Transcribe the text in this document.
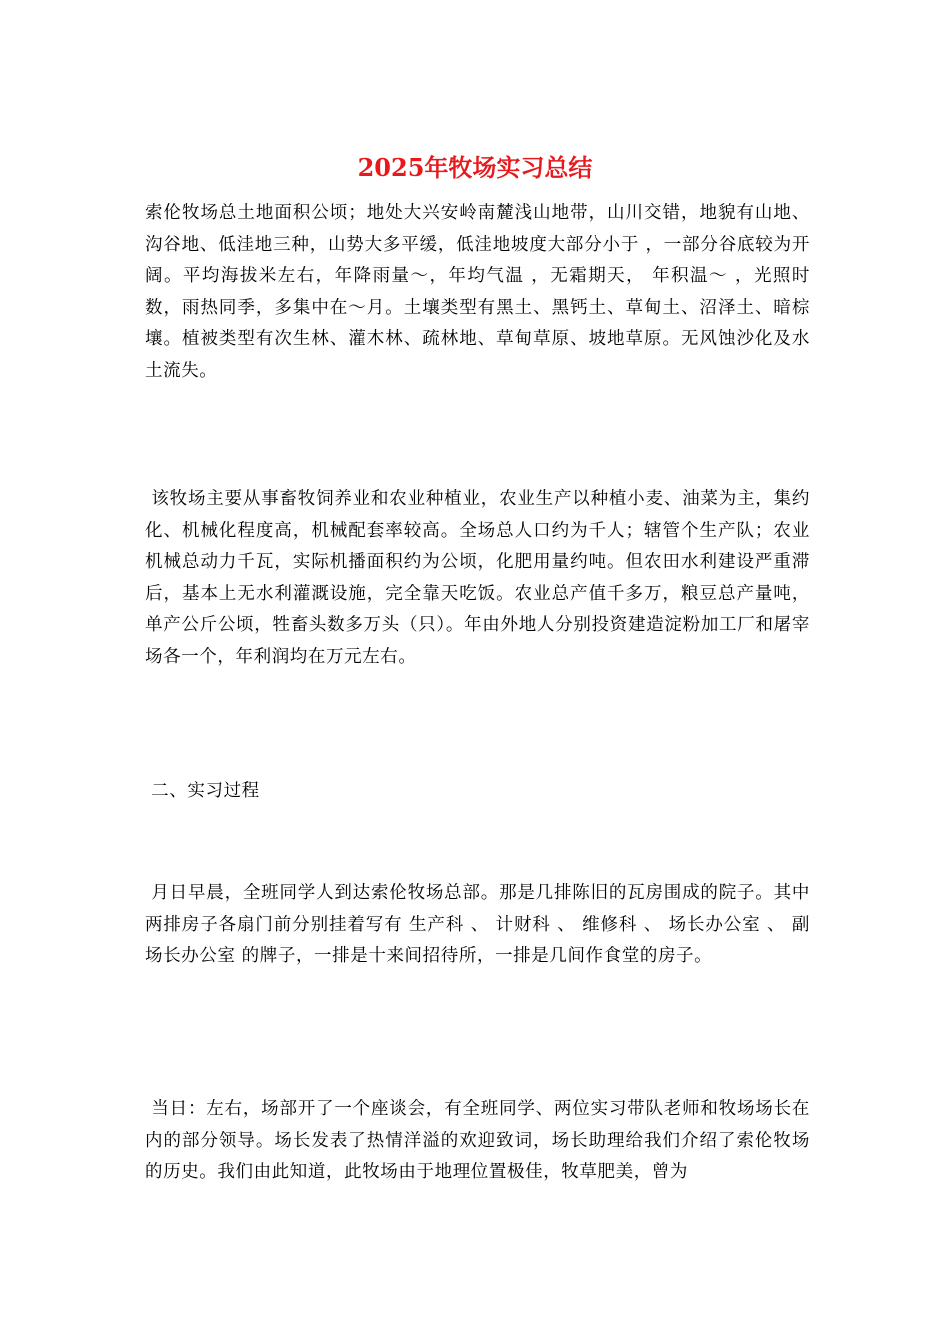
2025年牧场实习总结

索伦牧场总土地面积公顷；地处大兴安岭南麓浅山地带，山川交错，地貌有山地、沟谷地、低洼地三种，山势大多平缓，低洼地坡度大部分小于 ，一部分谷底较为开阔。平均海拔米左右，年降雨量～，年均气温 ，无霜期天， 年积温～ ，光照时数，雨热同季，多集中在～月。土壤类型有黑土、黑钙土、草甸土、沼泽土、暗棕壤。植被类型有次生林、灌木林、疏林地、草甸草原、坡地草原。无风蚀沙化及水土流失。

该牧场主要从事畜牧饲养业和农业种植业，农业生产以种植小麦、油菜为主，集约化、机械化程度高，机械配套率较高。全场总人口约为千人；辖管个生产队；农业机械总动力千瓦，实际机播面积约为公顷，化肥用量约吨。但农田水利建设严重滞后，基本上无水利灌溉设施，完全靠天吃饭。农业总产值千多万，粮豆总产量吨，单产公斤公顷，牲畜头数多万头（只）。年由外地人分别投资建造淀粉加工厂和屠宰场各一个，年利润均在万元左右。

二、实习过程

月日早晨，全班同学人到达索伦牧场总部。那是几排陈旧的瓦房围成的院子。其中两排房子各扇门前分别挂着写有 生产科 、 计财科 、 维修科 、 场长办公室 、 副场长办公室 的牌子，一排是十来间招待所，一排是几间作食堂的房子。

当日：左右，场部开了一个座谈会，有全班同学、两位实习带队老师和牧场场长在内的部分领导。场长发表了热情洋溢的欢迎致词，场长助理给我们介绍了索伦牧场的历史。我们由此知道，此牧场由于地理位置极佳，牧草肥美，曾为
